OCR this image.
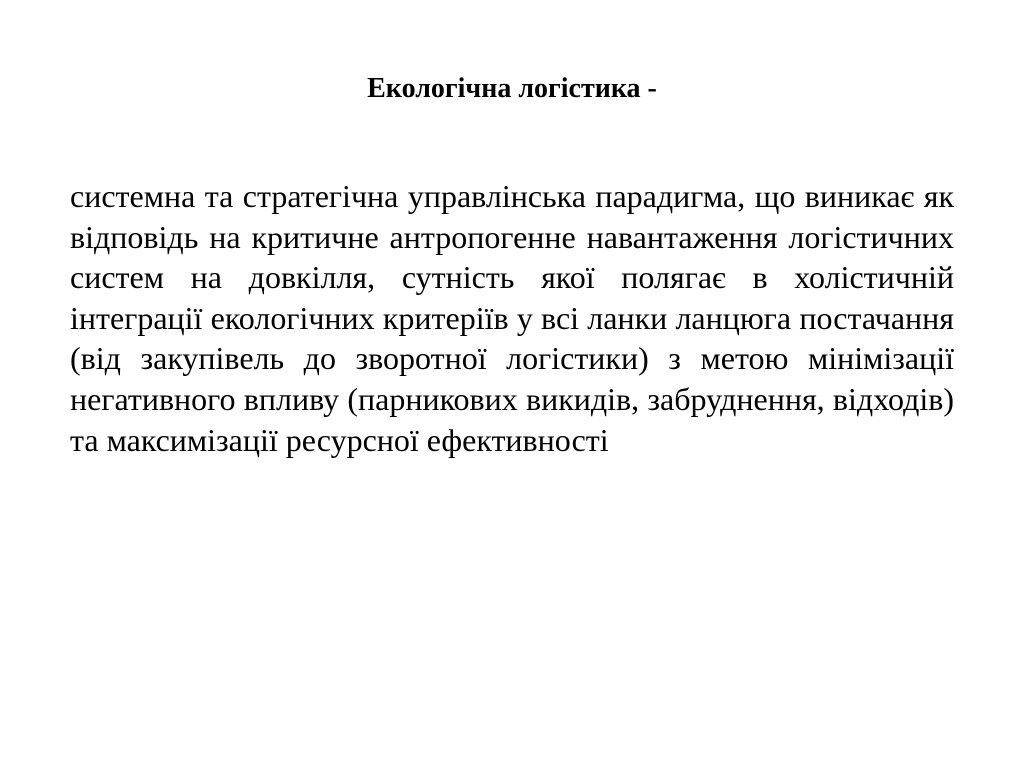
Екологічна логістика -

системна та стратегічна управлінська парадигма, що виникає як відповідь на критичне антропогенне навантаження логістичних систем на довкілля, сутність якої полягає в холістичній інтеграції екологічних критеріїв у всі ланки ланцюга постачання (від закупівель до зворотної логістики) з метою мінімізації негативного впливу (парникових викидів, забруднення, відходів) та максимізації ресурсної ефективності
